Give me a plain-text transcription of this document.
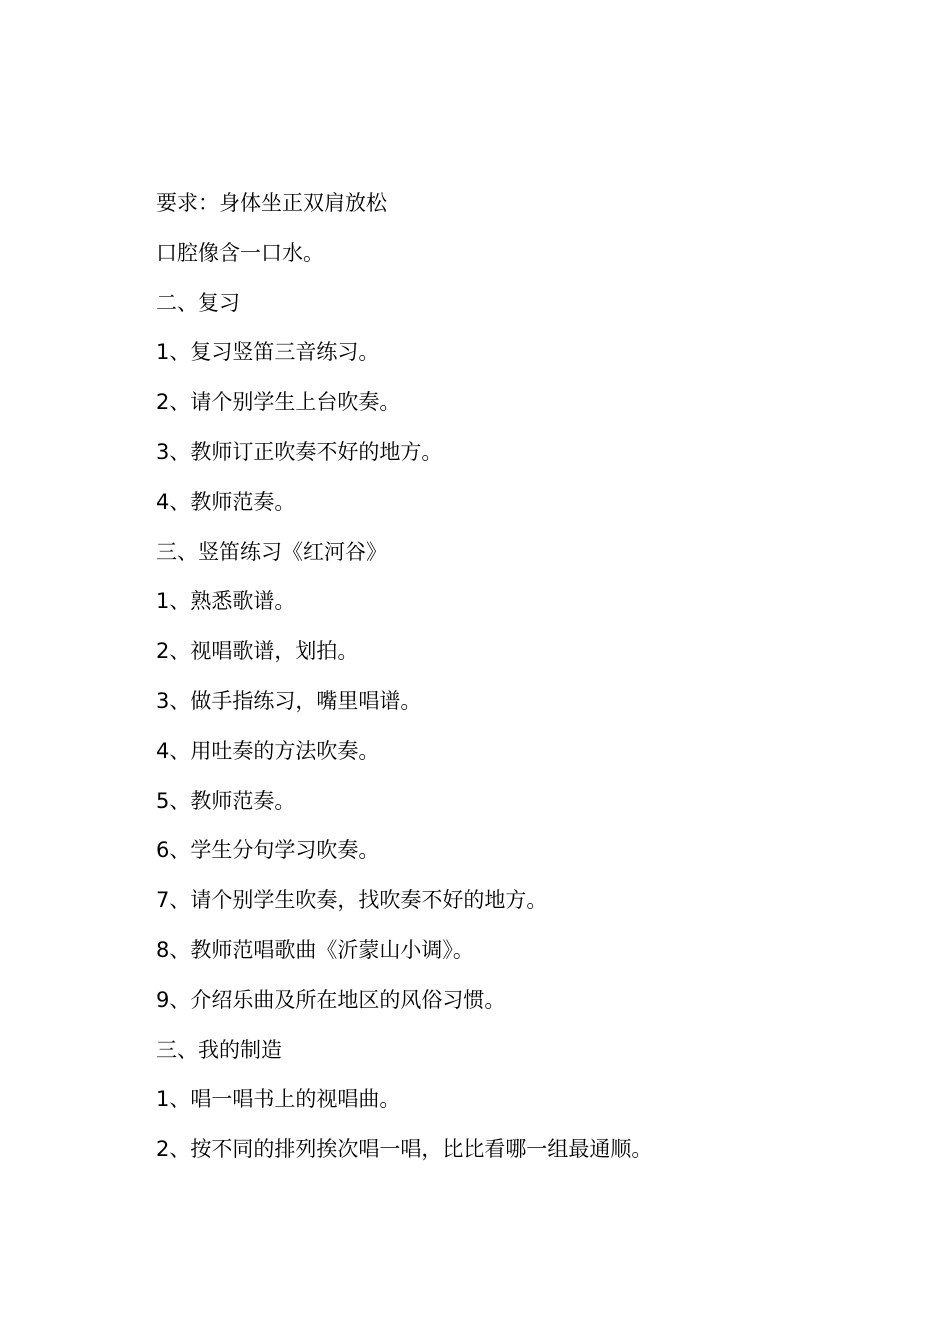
要求：身体坐正双肩放松

口腔像含一口水。

二、复习

1、复习竖笛三音练习。

2、请个别学生上台吹奏。

3、教师订正吹奏不好的地方。

4、教师范奏。

三、竖笛练习《红河谷》

1、熟悉歌谱。

2、视唱歌谱，划拍。

3、做手指练习，嘴里唱谱。

4、用吐奏的方法吹奏。

5、教师范奏。

6、学生分句学习吹奏。

7、请个别学生吹奏，找吹奏不好的地方。

8、教师范唱歌曲《沂蒙山小调》。

9、介绍乐曲及所在地区的风俗习惯。

三、我的制造

1、唱一唱书上的视唱曲。

2、按不同的排列挨次唱一唱，比比看哪一组最通顺。
